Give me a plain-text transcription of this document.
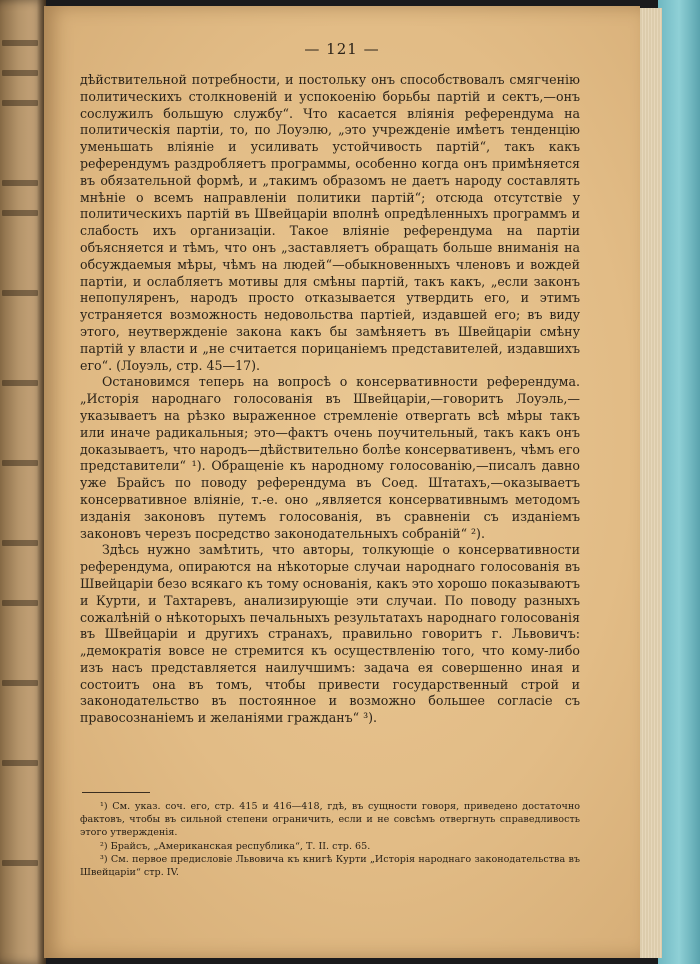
— 121 —

дѣйствительной потребности, и постольку онъ способствовалъ смягченію политическихъ столкновеній и успокоенію борьбы партій и сектъ,—онъ сослужилъ большую службу“. Что касается вліянія референдума на политическія партіи, то, по Лоуэлю, „это учрежденіе имѣетъ тенденцію уменьшать вліяніе и усиливать устойчивость партій“, такъ какъ референдумъ раздробляетъ программы, особенно когда онъ примѣняется въ обязательной формѣ, и „такимъ образомъ не даетъ народу составлять мнѣніе о всемъ направленіи политики партій“; отсюда отсутствіе у политическихъ партій въ Швейцаріи вполнѣ опредѣленныхъ программъ и слабость ихъ организаціи. Такое вліяніе референдума на партіи объясняется и тѣмъ, что онъ „заставляетъ обращать больше вниманія на обсуждаемыя мѣры, чѣмъ на людей“—обыкновенныхъ членовъ и вождей партіи, и ослабляетъ мотивы для смѣны партій, такъ какъ, „если законъ непопуляренъ, народъ просто отказывается утвердить его, и этимъ устраняется возможность недовольства партіей, издавшей его; въ виду этого, неутвержденіе закона какъ бы замѣняетъ въ Швейцаріи смѣну партій у власти и „не считается порицаніемъ представителей, издавшихъ его“. (Лоуэль, стр. 45—17).

Остановимся теперь на вопросѣ о консервативности референдума. „Исторія народнаго голосованія въ Швейцаріи,—говоритъ Лоуэль,—указываетъ на рѣзко выраженное стремленіе отвергать всѣ мѣры такъ или иначе радикальныя; это—фактъ очень поучительный, такъ какъ онъ доказываетъ, что народъ—дѣйствительно болѣе консервативенъ, чѣмъ его представители“ ¹). Обращеніе къ народному голосованію,—писалъ давно уже Брайсъ по поводу референдума въ Соед. Штатахъ,—оказываетъ консервативное вліяніе, т.-е. оно „является консервативнымъ методомъ изданія законовъ путемъ голосованія, въ сравненіи съ изданіемъ законовъ черезъ посредство законодательныхъ собраній“ ²).

Здѣсь нужно замѣтить, что авторы, толкующіе о консервативности референдума, опираются на нѣкоторые случаи народнаго голосованія въ Швейцаріи безо всякаго къ тому основанія, какъ это хорошо показываютъ и Курти, и Тахтаревъ, анализирующіе эти случаи. По поводу разныхъ сожалѣній о нѣкоторыхъ печальныхъ результатахъ народнаго голосованія въ Швейцаріи и другихъ странахъ, правильно говоритъ г. Львовичъ: „демократія вовсе не стремится къ осуществленію того, что кому-либо изъ насъ представляется наилучшимъ: задача ея совершенно иная и состоитъ она въ томъ, чтобы привести государственный строй и законодательство въ постоянное и возможно большее согласіе съ правосознаніемъ и желаніями гражданъ“ ³).

¹) См. указ. соч. его, стр. 415 и 416—418, гдѣ, въ сущности говоря, приведено достаточно фактовъ, чтобы въ сильной степени ограничить, если и не совсѣмъ отвергнуть справедливость этого утвержденія.

²) Брайсъ, „Американская республика“, Т. II. стр. 65.

³) См. первое предисловіе Львовича къ книгѣ Курти „Исторія народнаго законодательства въ Швейцаріи“ стр. IV.
